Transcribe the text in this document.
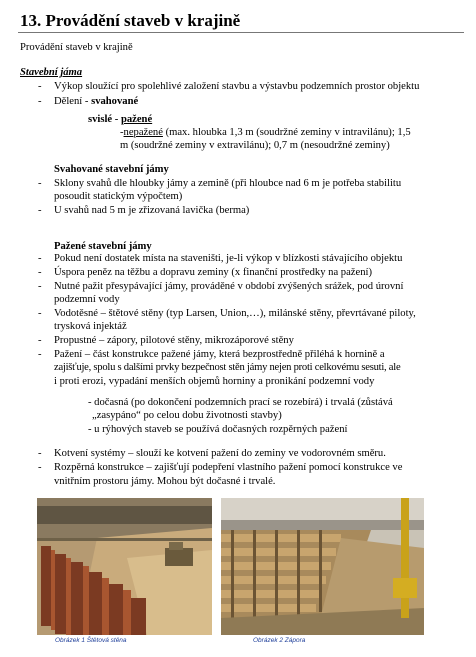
13. Provádění staveb v krajině
Provádění staveb v krajině
Stavební jáma
- Výkop sloužící pro spolehlivé založení stavbu a výstavbu podzemních prostor objektu
- Dělení - svahované
svislé - pažené
-nepažené (max. hloubka 1,3 m (soudržné zeminy v intravilánu); 1,5
m (soudržné zeminy v extravilánu); 0,7 m (nesoudržné zeminy)
Svahované stavební jámy
- Sklony svahů dle hloubky jámy a zemině (při hloubce nad 6 m je potřeba stabilitu
posoudit statickým výpočtem)
- U svahů nad 5 m je zřizovaná lavička (berma)
Pažené stavební jámy
- Pokud není dostatek místa na staveništi, je-li výkop v blízkosti stávajícího objektu
- Úspora peněz na těžbu a dopravu zeminy (x finanční prostředky na pažení)
- Nutné pažit přesypávající jámy, prováděné v období zvýšených srážek, pod úrovní
podzemní vody
- Vodotěsné – štětové stěny (typ Larsen, Union,…), milánské stěny, převrtávané piloty,
trysková injektáž
- Propustné – zápory, pilotové stěny, mikrozáporové stěny
- Pažení – část konstrukce pažené jámy, která bezprostředně přiléhá k hornině a
zajišťuje, spolu s dalšími prvky bezpečnost stěn jámy nejen proti celkovému sesuti, ale
i proti erozi, vypadání menších objemů horniny a pronikání podzemní vody
- dočasná (po dokončení podzemních prací se rozebírá) i trvalá (zůstává
„zasypáno“ po celou dobu životnosti stavby)
- u rýhových staveb se používá dočasných rozpěrných pažení
- Kotvení systémy – slouží ke kotvení pažení do zeminy ve vodorovném směru.
- Rozpěrná konstrukce – zajišťují podepření vlastního pažení pomocí konstrukce ve
vnitřním prostoru jámy. Mohou být dočasné i trvalé.
Obrázek 1 Štětová stěna	Obrázek 2 Zápora
